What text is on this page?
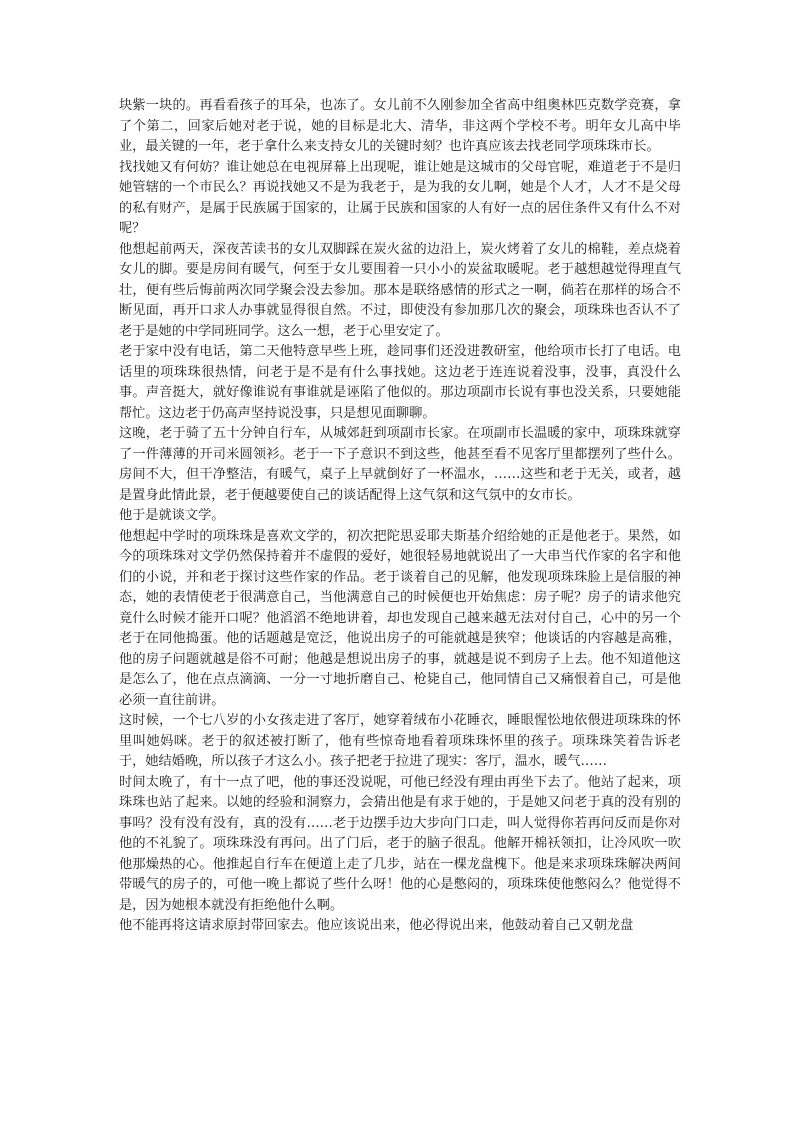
块紫一块的。再看看孩子的耳朵，也冻了。女儿前不久刚参加全省高中组奥林匹克数学竞赛，拿了个第二，回家后她对老于说，她的目标是北大、清华，非这两个学校不考。明年女儿高中毕业，最关键的一年，老于拿什么来支持女儿的关键时刻？也许真应该去找老同学项珠珠市长。

找找她又有何妨？谁让她总在电视屏幕上出现呢，谁让她是这城市的父母官呢，难道老于不是归她管辖的一个市民么？再说找她又不是为我老于，是为我的女儿啊，她是个人才，人才不是父母的私有财产，是属于民族属于国家的，让属于民族和国家的人有好一点的居住条件又有什么不对呢？

他想起前两天，深夜苦读书的女儿双脚踩在炭火盆的边沿上，炭火烤着了女儿的棉鞋，差点烧着女儿的脚。要是房间有暖气，何至于女儿要围着一只小小的炭盆取暖呢。老于越想越觉得理直气壮，便有些后悔前两次同学聚会没去参加。那本是联络感情的形式之一啊，倘若在那样的场合不断见面，再开口求人办事就显得很自然。不过，即使没有参加那几次的聚会，项珠珠也否认不了老于是她的中学同班同学。这么一想，老于心里安定了。

老于家中没有电话，第二天他特意早些上班，趁同事们还没进教研室，他给项市长打了电话。电话里的项珠珠很热情，问老于是不是有什么事找她。这边老于连连说着没事，没事，真没什么事。声音挺大，就好像谁说有事谁就是诬陷了他似的。那边项副市长说有事也没关系，只要她能帮忙。这边老于仍高声坚持说没事，只是想见面聊聊。

这晚，老于骑了五十分钟自行车，从城郊赶到项副市长家。在项副市长温暖的家中，项珠珠就穿了一件薄薄的开司米圆领衫。老于一下子意识不到这些，他甚至看不见客厅里都摆列了些什么。房间不大，但干净整洁，有暖气，桌子上早就倒好了一杯温水，……这些和老于无关，或者，越是置身此情此景，老于便越要使自己的谈话配得上这气氛和这气氛中的女市长。

他于是就谈文学。

他想起中学时的项珠珠是喜欢文学的，初次把陀思妥耶夫斯基介绍给她的正是他老于。果然，如今的项珠珠对文学仍然保持着并不虚假的爱好，她很轻易地就说出了一大串当代作家的名字和他们的小说，并和老于探讨这些作家的作品。老于谈着自己的见解，他发现项珠珠脸上是信服的神态，她的表情使老于很满意自己，当他满意自己的时候便也开始焦虑：房子呢？房子的请求他究竟什么时候才能开口呢？他滔滔不绝地讲着，却也发现自己越来越无法对付自己，心中的另一个老于在同他捣蛋。他的话题越是宽泛，他说出房子的可能就越是狭窄；他谈话的内容越是高雅，他的房子问题就越是俗不可耐；他越是想说出房子的事，就越是说不到房子上去。他不知道他这是怎么了，他在点点滴滴、一分一寸地折磨自己、枪毙自己，他同情自己又痛恨着自己，可是他必须一直往前讲。

这时候，一个七八岁的小女孩走进了客厅，她穿着绒布小花睡衣，睡眼惺忪地依偎进项珠珠的怀里叫她妈咪。老于的叙述被打断了，他有些惊奇地看着项珠珠怀里的孩子。项珠珠笑着告诉老于，她结婚晚，所以孩子才这么小。孩子把老于拉进了现实：客厅，温水，暖气……

时间太晚了，有十一点了吧，他的事还没说呢，可他已经没有理由再坐下去了。他站了起来，项珠珠也站了起来。以她的经验和洞察力，会猜出他是有求于她的，于是她又问老于真的没有别的事吗？没有没有没有，真的没有……老于边摆手边大步向门口走，叫人觉得你若再问反而是你对他的不礼貌了。项珠珠没有再问。出了门后，老于的脑子很乱。他解开棉袄领扣，让冷风吹一吹他那燥热的心。他推起自行车在便道上走了几步，站在一棵龙盘槐下。他是来求项珠珠解决两间带暖气的房子的，可他一晚上都说了些什么呀！他的心是憋闷的，项珠珠使他憋闷么？他觉得不是，因为她根本就没有拒绝他什么啊。

他不能再将这请求原封带回家去。他应该说出来，他必得说出来，他鼓动着自己又朝龙盘
